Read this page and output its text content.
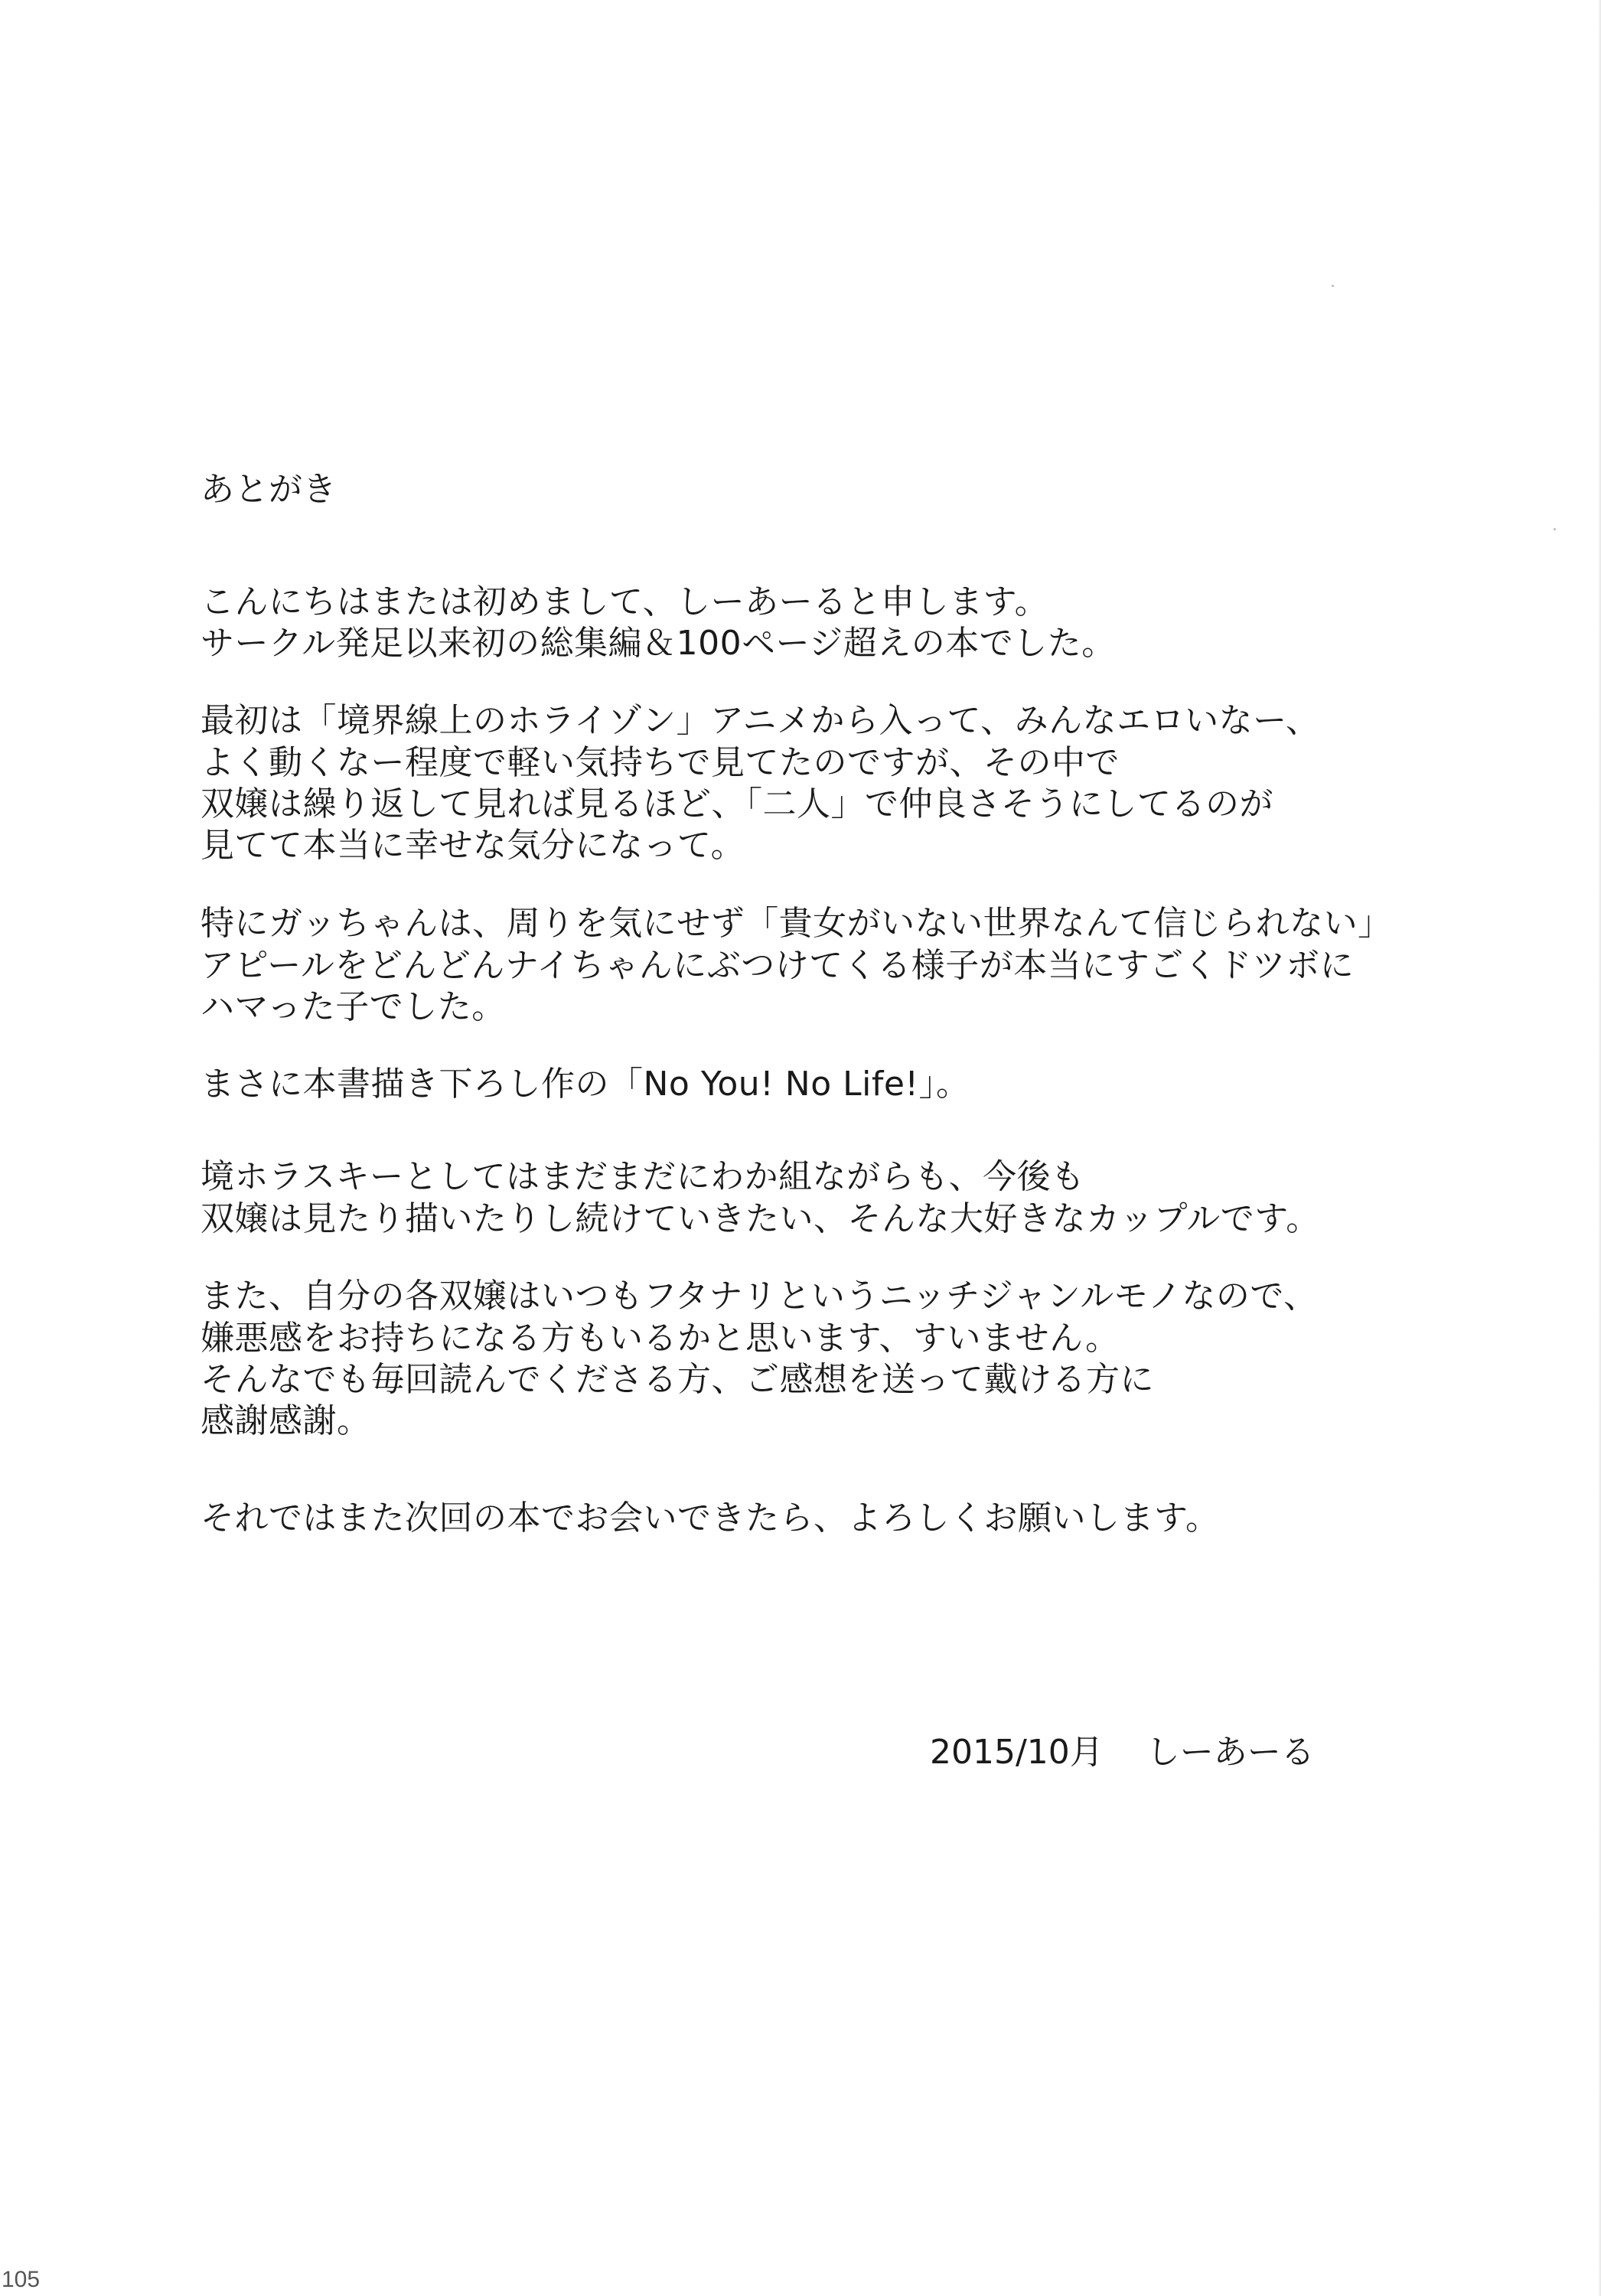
あとがき
こんにちはまたは初めまして、しーあーると申します。
サークル発足以来初の総集編＆100ページ超えの本でした。
最初は「境界線上のホライゾン」アニメから入って、みんなエロいなー、
よく動くなー程度で軽い気持ちで見てたのですが、その中で
双嬢は繰り返して見れば見るほど、「二人」で仲良さそうにしてるのが
見てて本当に幸せな気分になって。
特にガッちゃんは、周りを気にせず「貴女がいない世界なんて信じられない」
アピールをどんどんナイちゃんにぶつけてくる様子が本当にすごくドツボに
ハマった子でした。
まさに本書描き下ろし作の「No You! No Life!」。
境ホラスキーとしてはまだまだにわか組ながらも、今後も
双嬢は見たり描いたりし続けていきたい、そんな大好きなカップルです。
また、自分の各双嬢はいつもフタナリというニッチジャンルモノなので、
嫌悪感をお持ちになる方もいるかと思います、すいません。
そんなでも毎回読んでくださる方、ご感想を送って戴ける方に
感謝感謝。
それではまた次回の本でお会いできたら、よろしくお願いします。
2015/10月 しーあーる
105
